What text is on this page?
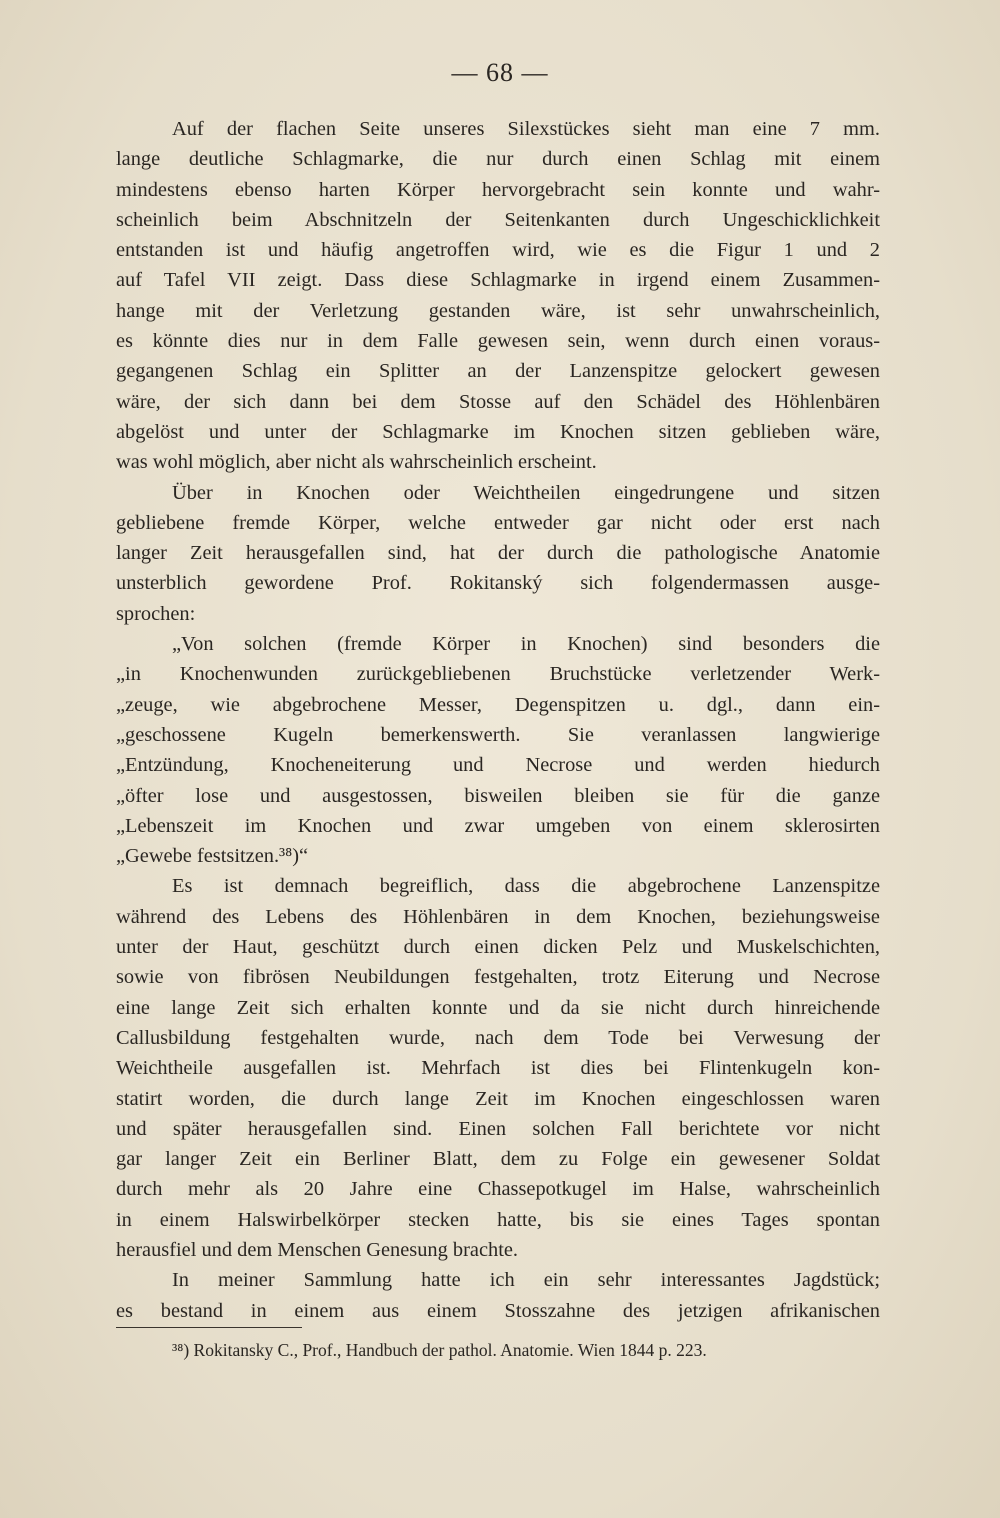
— 68 —
Auf der flachen Seite unseres Silexstückes sieht man eine 7 mm.
lange deutliche Schlagmarke, die nur durch einen Schlag mit einem
mindestens ebenso harten Körper hervorgebracht sein konnte und wahr-
scheinlich beim Abschnitzeln der Seitenkanten durch Ungeschicklichkeit
entstanden ist und häufig angetroffen wird, wie es die Figur 1 und 2
auf Tafel VII zeigt. Dass diese Schlagmarke in irgend einem Zusammen-
hange mit der Verletzung gestanden wäre, ist sehr unwahrscheinlich,
es könnte dies nur in dem Falle gewesen sein, wenn durch einen voraus-
gegangenen Schlag ein Splitter an der Lanzenspitze gelockert gewesen
wäre, der sich dann bei dem Stosse auf den Schädel des Höhlenbären
abgelöst und unter der Schlagmarke im Knochen sitzen geblieben wäre,
was wohl möglich, aber nicht als wahrscheinlich erscheint.
Über in Knochen oder Weichtheilen eingedrungene und sitzen
gebliebene fremde Körper, welche entweder gar nicht oder erst nach
langer Zeit herausgefallen sind, hat der durch die pathologische Anatomie
unsterblich gewordene Prof. Rokitanský sich folgendermassen ausge-
sprochen:
„Von solchen (fremde Körper in Knochen) sind besonders die
„in Knochenwunden zurückgebliebenen Bruchstücke verletzender Werk-
„zeuge, wie abgebrochene Messer, Degenspitzen u. dgl., dann ein-
„geschossene Kugeln bemerkenswerth. Sie veranlassen langwierige
„Entzündung, Knocheneiterung und Necrose und werden hiedurch
„öfter lose und ausgestossen, bisweilen bleiben sie für die ganze
„Lebenszeit im Knochen und zwar umgeben von einem sklerosirten
„Gewebe festsitzen.³⁸)“
Es ist demnach begreiflich, dass die abgebrochene Lanzenspitze
während des Lebens des Höhlenbären in dem Knochen, beziehungsweise
unter der Haut, geschützt durch einen dicken Pelz und Muskelschichten,
sowie von fibrösen Neubildungen festgehalten, trotz Eiterung und Necrose
eine lange Zeit sich erhalten konnte und da sie nicht durch hinreichende
Callusbildung festgehalten wurde, nach dem Tode bei Verwesung der
Weichtheile ausgefallen ist. Mehrfach ist dies bei Flintenkugeln kon-
statirt worden, die durch lange Zeit im Knochen eingeschlossen waren
und später herausgefallen sind. Einen solchen Fall berichtete vor nicht
gar langer Zeit ein Berliner Blatt, dem zu Folge ein gewesener Soldat
durch mehr als 20 Jahre eine Chassepotkugel im Halse, wahrscheinlich
in einem Halswirbelkörper stecken hatte, bis sie eines Tages spontan
herausfiel und dem Menschen Genesung brachte.
In meiner Sammlung hatte ich ein sehr interessantes Jagdstück;
es bestand in einem aus einem Stosszahne des jetzigen afrikanischen
³⁸) Rokitansky C., Prof., Handbuch der pathol. Anatomie. Wien 1844 p. 223.
